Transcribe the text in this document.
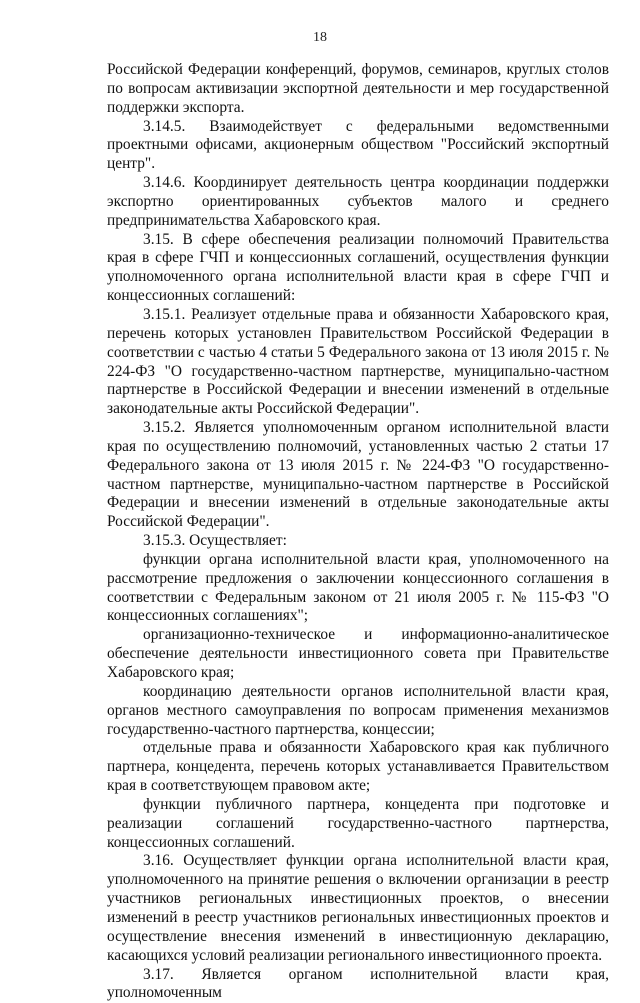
18

Российской Федерации конференций, форумов, семинаров, круглых столов по вопросам активизации экспортной деятельности и мер государственной поддержки экспорта.

3.14.5. Взаимодействует с федеральными ведомственными проектными офисами, акционерным обществом "Российский экспортный центр".

3.14.6. Координирует деятельность центра координации поддержки экспортно ориентированных субъектов малого и среднего предпринимательства Хабаровского края.

3.15. В сфере обеспечения реализации полномочий Правительства края в сфере ГЧП и концессионных соглашений, осуществления функции уполномоченного органа исполнительной власти края в сфере ГЧП и концессионных соглашений:

3.15.1. Реализует отдельные права и обязанности Хабаровского края, перечень которых установлен Правительством Российской Федерации в соответствии с частью 4 статьи 5 Федерального закона от 13 июля 2015 г. № 224-ФЗ "О государственно-частном партнерстве, муниципально-частном партнерстве в Российской Федерации и внесении изменений в отдельные законодательные акты Российской Федерации".

3.15.2. Является уполномоченным органом исполнительной власти края по осуществлению полномочий, установленных частью 2 статьи 17 Федерального закона от 13 июля 2015 г. № 224-ФЗ "О государственно-частном партнерстве, муниципально-частном партнерстве в Российской Федерации и внесении изменений в отдельные законодательные акты Российской Федерации".

3.15.3. Осуществляет:

функции органа исполнительной власти края, уполномоченного на рассмотрение предложения о заключении концессионного соглашения в соответствии с Федеральным законом от 21 июля 2005 г. № 115-ФЗ "О концессионных соглашениях";

организационно-техническое и информационно-аналитическое обеспечение деятельности инвестиционного совета при Правительстве Хабаровского края;

координацию деятельности органов исполнительной власти края, органов местного самоуправления по вопросам применения механизмов государственно-частного партнерства, концессии;

отдельные права и обязанности Хабаровского края как публичного партнера, концедента, перечень которых устанавливается Правительством края в соответствующем правовом акте;

функции публичного партнера, концедента при подготовке и реализации соглашений государственно-частного партнерства, концессионных соглашений.

3.16. Осуществляет функции органа исполнительной власти края, уполномоченного на принятие решения о включении организации в реестр участников региональных инвестиционных проектов, о внесении изменений в реестр участников региональных инвестиционных проектов и осуществление внесения изменений в инвестиционную декларацию, касающихся условий реализации регионального инвестиционного проекта.

3.17. Является органом исполнительной власти края, уполномоченным
